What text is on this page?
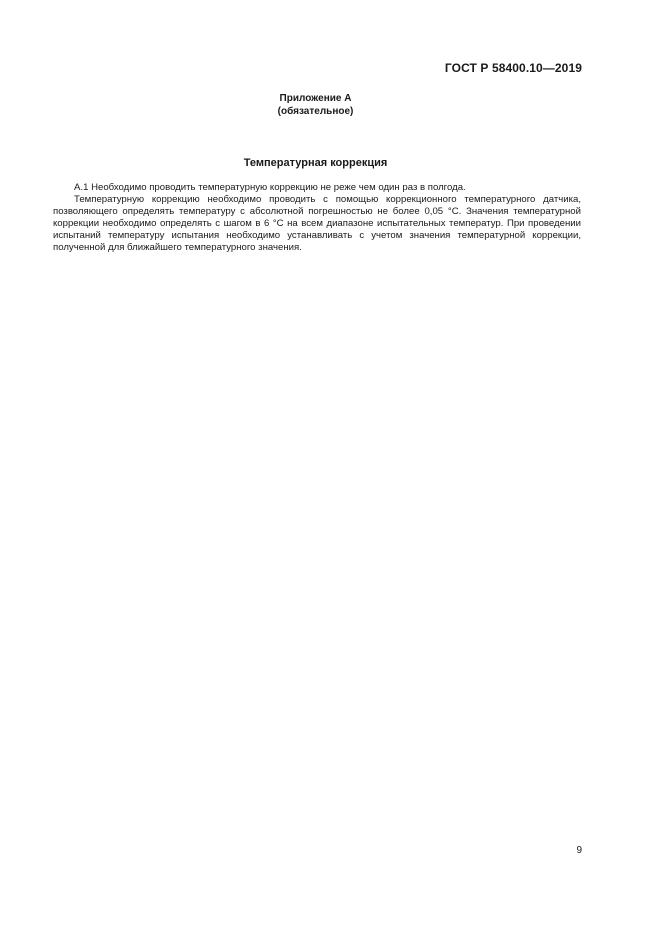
ГОСТ Р 58400.10—2019
Приложение А
(обязательное)
Температурная коррекция

А.1 Необходимо проводить температурную коррекцию не реже чем один раз в полгода.

Температурную коррекцию необходимо проводить с помощью коррекционного температурного датчика, позволяющего определять температуру с абсолютной погрешностью не более 0,05 °С. Значения температурной коррекции необходимо определять с шагом в 6 °С на всем диапазоне испытательных температур. При проведении испытаний температуру испытания необходимо устанавливать с учетом значения температурной коррекции, полученной для ближайшего температурного значения.

9
